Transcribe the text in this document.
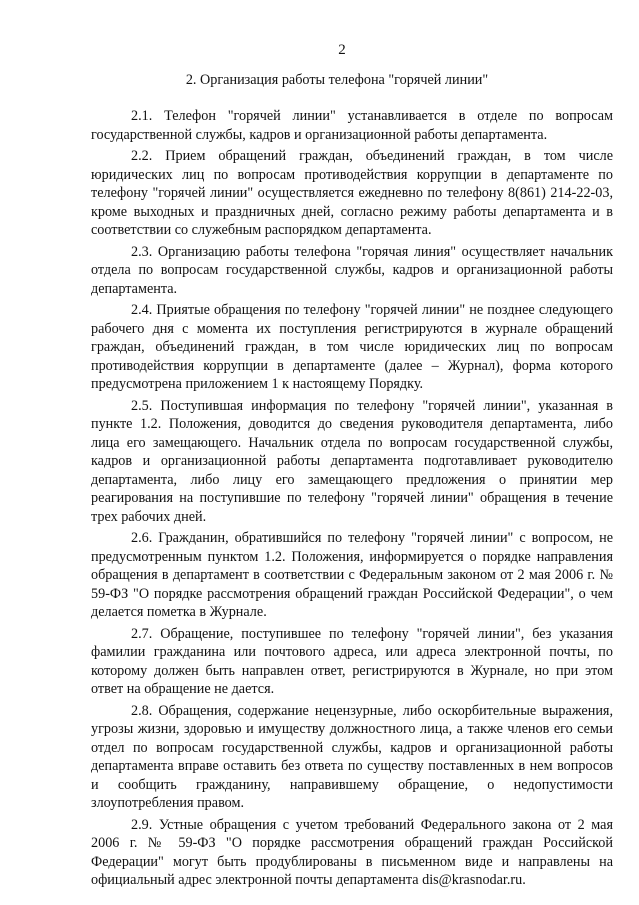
2
2. Организация работы телефона "горячей линии"

2.1. Телефон "горячей линии" устанавливается в отделе по вопросам государственной службы, кадров и организационной работы департамента.

2.2. Прием обращений граждан, объединений граждан, в том числе юридических лиц по вопросам противодействия коррупции в департаменте по телефону "горячей линии" осуществляется ежедневно по телефону 8(861) 214-22-03, кроме выходных и праздничных дней, согласно режиму работы департамента и в соответствии со служебным распорядком департамента.

2.3. Организацию работы телефона "горячая линия" осуществляет начальник отдела по вопросам государственной службы, кадров и организационной работы департамента.

2.4. Приятые обращения по телефону "горячей линии" не позднее следующего рабочего дня с момента их поступления регистрируются в журнале обращений граждан, объединений граждан, в том числе юридических лиц по вопросам противодействия коррупции в департаменте (далее – Журнал), форма которого предусмотрена приложением 1 к настоящему Порядку.

2.5. Поступившая информация по телефону "горячей линии", указанная в пункте 1.2. Положения, доводится до сведения руководителя департамента, либо лица его замещающего. Начальник отдела по вопросам государственной службы, кадров и организационной работы департамента подготавливает руководителю департамента, либо лицу его замещающего предложения о принятии мер реагирования на поступившие по телефону "горячей линии" обращения в течение трех рабочих дней.

2.6. Гражданин, обратившийся по телефону "горячей линии" с вопросом, не предусмотренным пунктом 1.2. Положения, информируется о порядке направления обращения в департамент в соответствии с Федеральным законом от 2 мая 2006 г. № 59-ФЗ "О порядке рассмотрения обращений граждан Российской Федерации", о чем делается пометка в Журнале.

2.7. Обращение, поступившее по телефону "горячей линии", без указания фамилии гражданина или почтового адреса, или адреса электронной почты, по которому должен быть направлен ответ, регистрируются в Журнале, но при этом ответ на обращение не дается.

2.8. Обращения, содержание нецензурные, либо оскорбительные выражения, угрозы жизни, здоровью и имуществу должностного лица, а также членов его семьи отдел по вопросам государственной службы, кадров и организационной работы департамента вправе оставить без ответа по существу поставленных в нем вопросов и сообщить гражданину, направившему обращение, о недопустимости злоупотребления правом.

2.9. Устные обращения с учетом требований Федерального закона от 2 мая 2006 г. № 59-ФЗ "О порядке рассмотрения обращений граждан Российской Федерации" могут быть продублированы в письменном виде и направлены на официальный адрес электронной почты департамента dis@krasnodar.ru.
